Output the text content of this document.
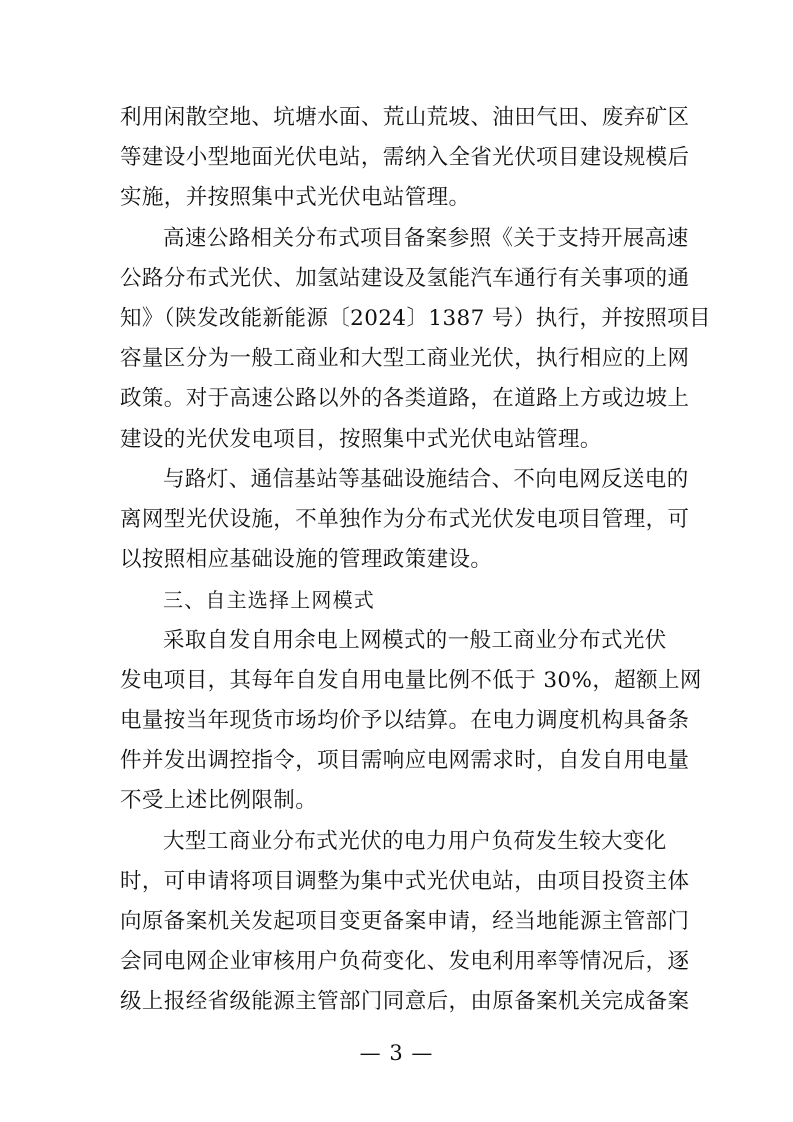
利用闲散空地、坑塘水面、荒山荒坡、油田气田、废弃矿区
等建设小型地面光伏电站，需纳入全省光伏项目建设规模后
实施，并按照集中式光伏电站管理。

高速公路相关分布式项目备案参照《关于支持开展高速
公路分布式光伏、加氢站建设及氢能汽车通行有关事项的通
知》（陕发改能新能源〔2024〕1387 号）执行，并按照项目
容量区分为一般工商业和大型工商业光伏，执行相应的上网
政策。对于高速公路以外的各类道路，在道路上方或边坡上
建设的光伏发电项目，按照集中式光伏电站管理。

与路灯、通信基站等基础设施结合、不向电网反送电的
离网型光伏设施，不单独作为分布式光伏发电项目管理，可
以按照相应基础设施的管理政策建设。

三、自主选择上网模式

采取自发自用余电上网模式的一般工商业分布式光伏
发电项目，其每年自发自用电量比例不低于 30%，超额上网
电量按当年现货市场均价予以结算。在电力调度机构具备条
件并发出调控指令，项目需响应电网需求时，自发自用电量
不受上述比例限制。

大型工商业分布式光伏的电力用户负荷发生较大变化
时，可申请将项目调整为集中式光伏电站，由项目投资主体
向原备案机关发起项目变更备案申请，经当地能源主管部门
会同电网企业审核用户负荷变化、发电利用率等情况后，逐
级上报经省级能源主管部门同意后，由原备案机关完成备案

— 3 —
